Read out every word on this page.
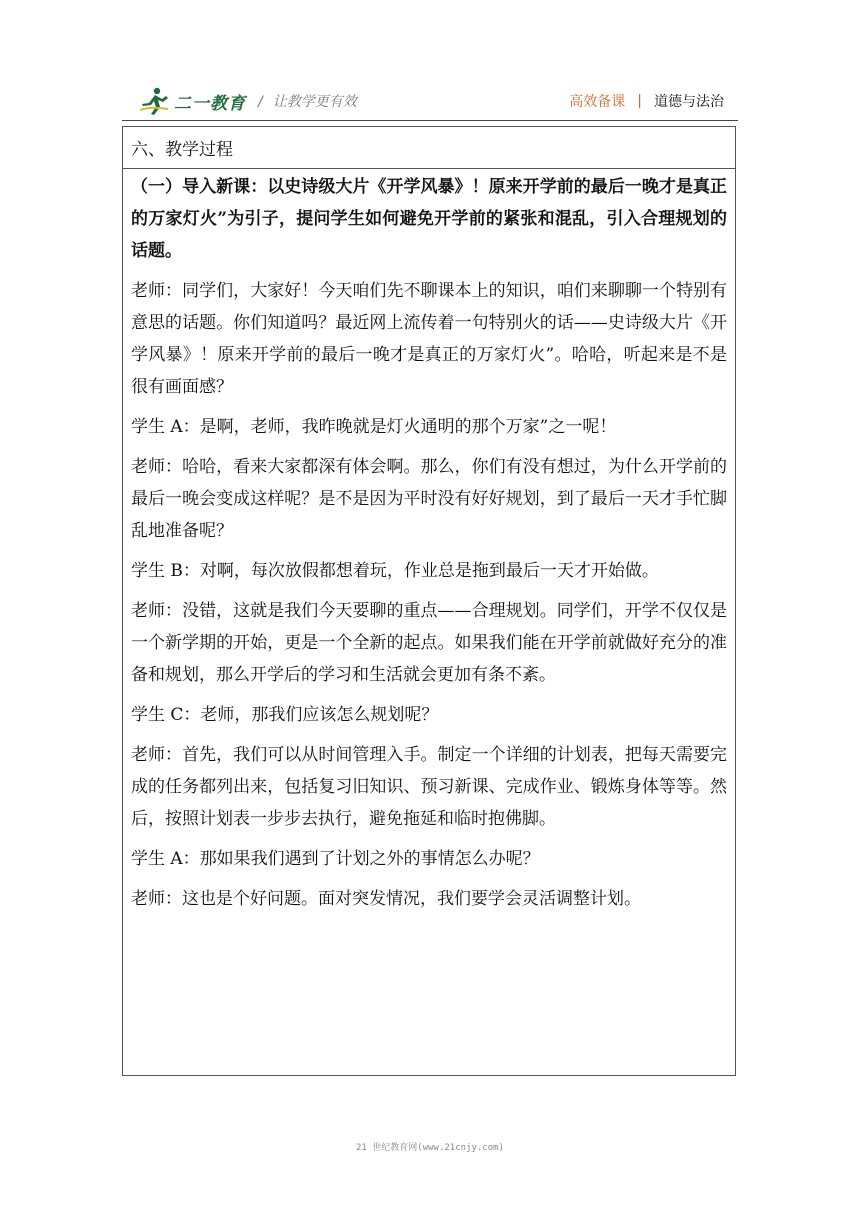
二一教育 / 让教学更有效	高效备课 | 道德与法治
六、教学过程

（一）导入新课：以史诗级大片《开学风暴》！原来开学前的最后一晚才是真正的万家灯火”为引子，提问学生如何避免开学前的紧张和混乱，引入合理规划的话题。

老师：同学们，大家好！今天咱们先不聊课本上的知识，咱们来聊聊一个特别有意思的话题。你们知道吗？最近网上流传着一句特别火的话——史诗级大片《开学风暴》！原来开学前的最后一晚才是真正的万家灯火”。哈哈，听起来是不是很有画面感？

学生 A：是啊，老师，我昨晚就是灯火通明的那个万家”之一呢！

老师：哈哈，看来大家都深有体会啊。那么，你们有没有想过，为什么开学前的最后一晚会变成这样呢？是不是因为平时没有好好规划，到了最后一天才手忙脚乱地准备呢？

学生 B：对啊，每次放假都想着玩，作业总是拖到最后一天才开始做。

老师：没错，这就是我们今天要聊的重点——合理规划。同学们，开学不仅仅是一个新学期的开始，更是一个全新的起点。如果我们能在开学前就做好充分的准备和规划，那么开学后的学习和生活就会更加有条不紊。

学生 C：老师，那我们应该怎么规划呢？

老师：首先，我们可以从时间管理入手。制定一个详细的计划表，把每天需要完成的任务都列出来，包括复习旧知识、预习新课、完成作业、锻炼身体等等。然后，按照计划表一步步去执行，避免拖延和临时抱佛脚。

学生 A：那如果我们遇到了计划之外的事情怎么办呢？

老师：这也是个好问题。面对突发情况，我们要学会灵活调整计划。

21 世纪教育网(www.21cnjy.com)
